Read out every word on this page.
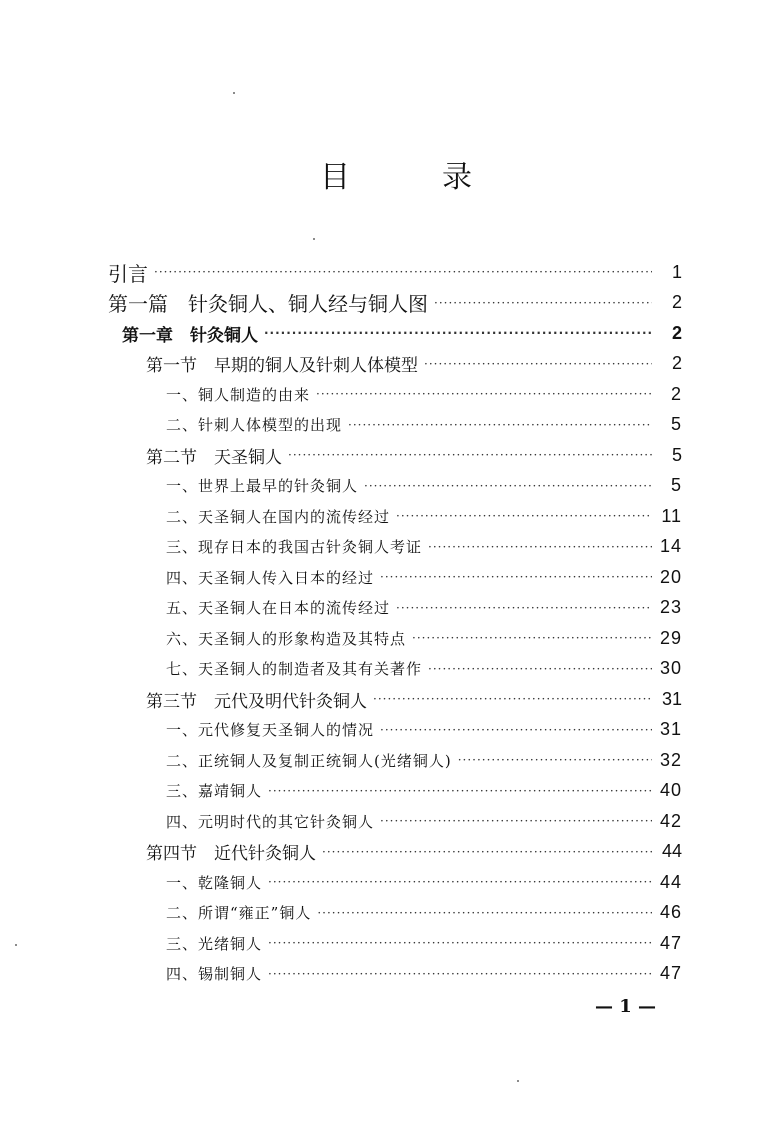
目	录
引言 ·····	1
第一篇　针灸铜人、铜人经与铜人图 ·····	2
第一章　针灸铜人 ·····	2
第一节　早期的铜人及针刺人体模型 ·····	2
一、铜人制造的由来 ·····	2
二、针刺人体模型的出现 ·····	5
第二节　天圣铜人 ·····	5
一、世界上最早的针灸铜人 ·····	5
二、天圣铜人在国内的流传经过 ·····	11
三、现存日本的我国古针灸铜人考证 ·····	14
四、天圣铜人传入日本的经过 ·····	20
五、天圣铜人在日本的流传经过 ·····	23
六、天圣铜人的形象构造及其特点 ·····	29
七、天圣铜人的制造者及其有关著作 ·····	30
第三节　元代及明代针灸铜人 ·····	31
一、元代修复天圣铜人的情况 ·····	31
二、正统铜人及复制正统铜人(光绪铜人) ·····	32
三、嘉靖铜人 ·····	40
四、元明时代的其它针灸铜人 ·····	42
第四节　近代针灸铜人 ·····	44
一、乾隆铜人 ·····	44
二、所谓“雍正”铜人 ·····	46
三、光绪铜人 ·····	47
四、锡制铜人 ·····	47
— 1 —
